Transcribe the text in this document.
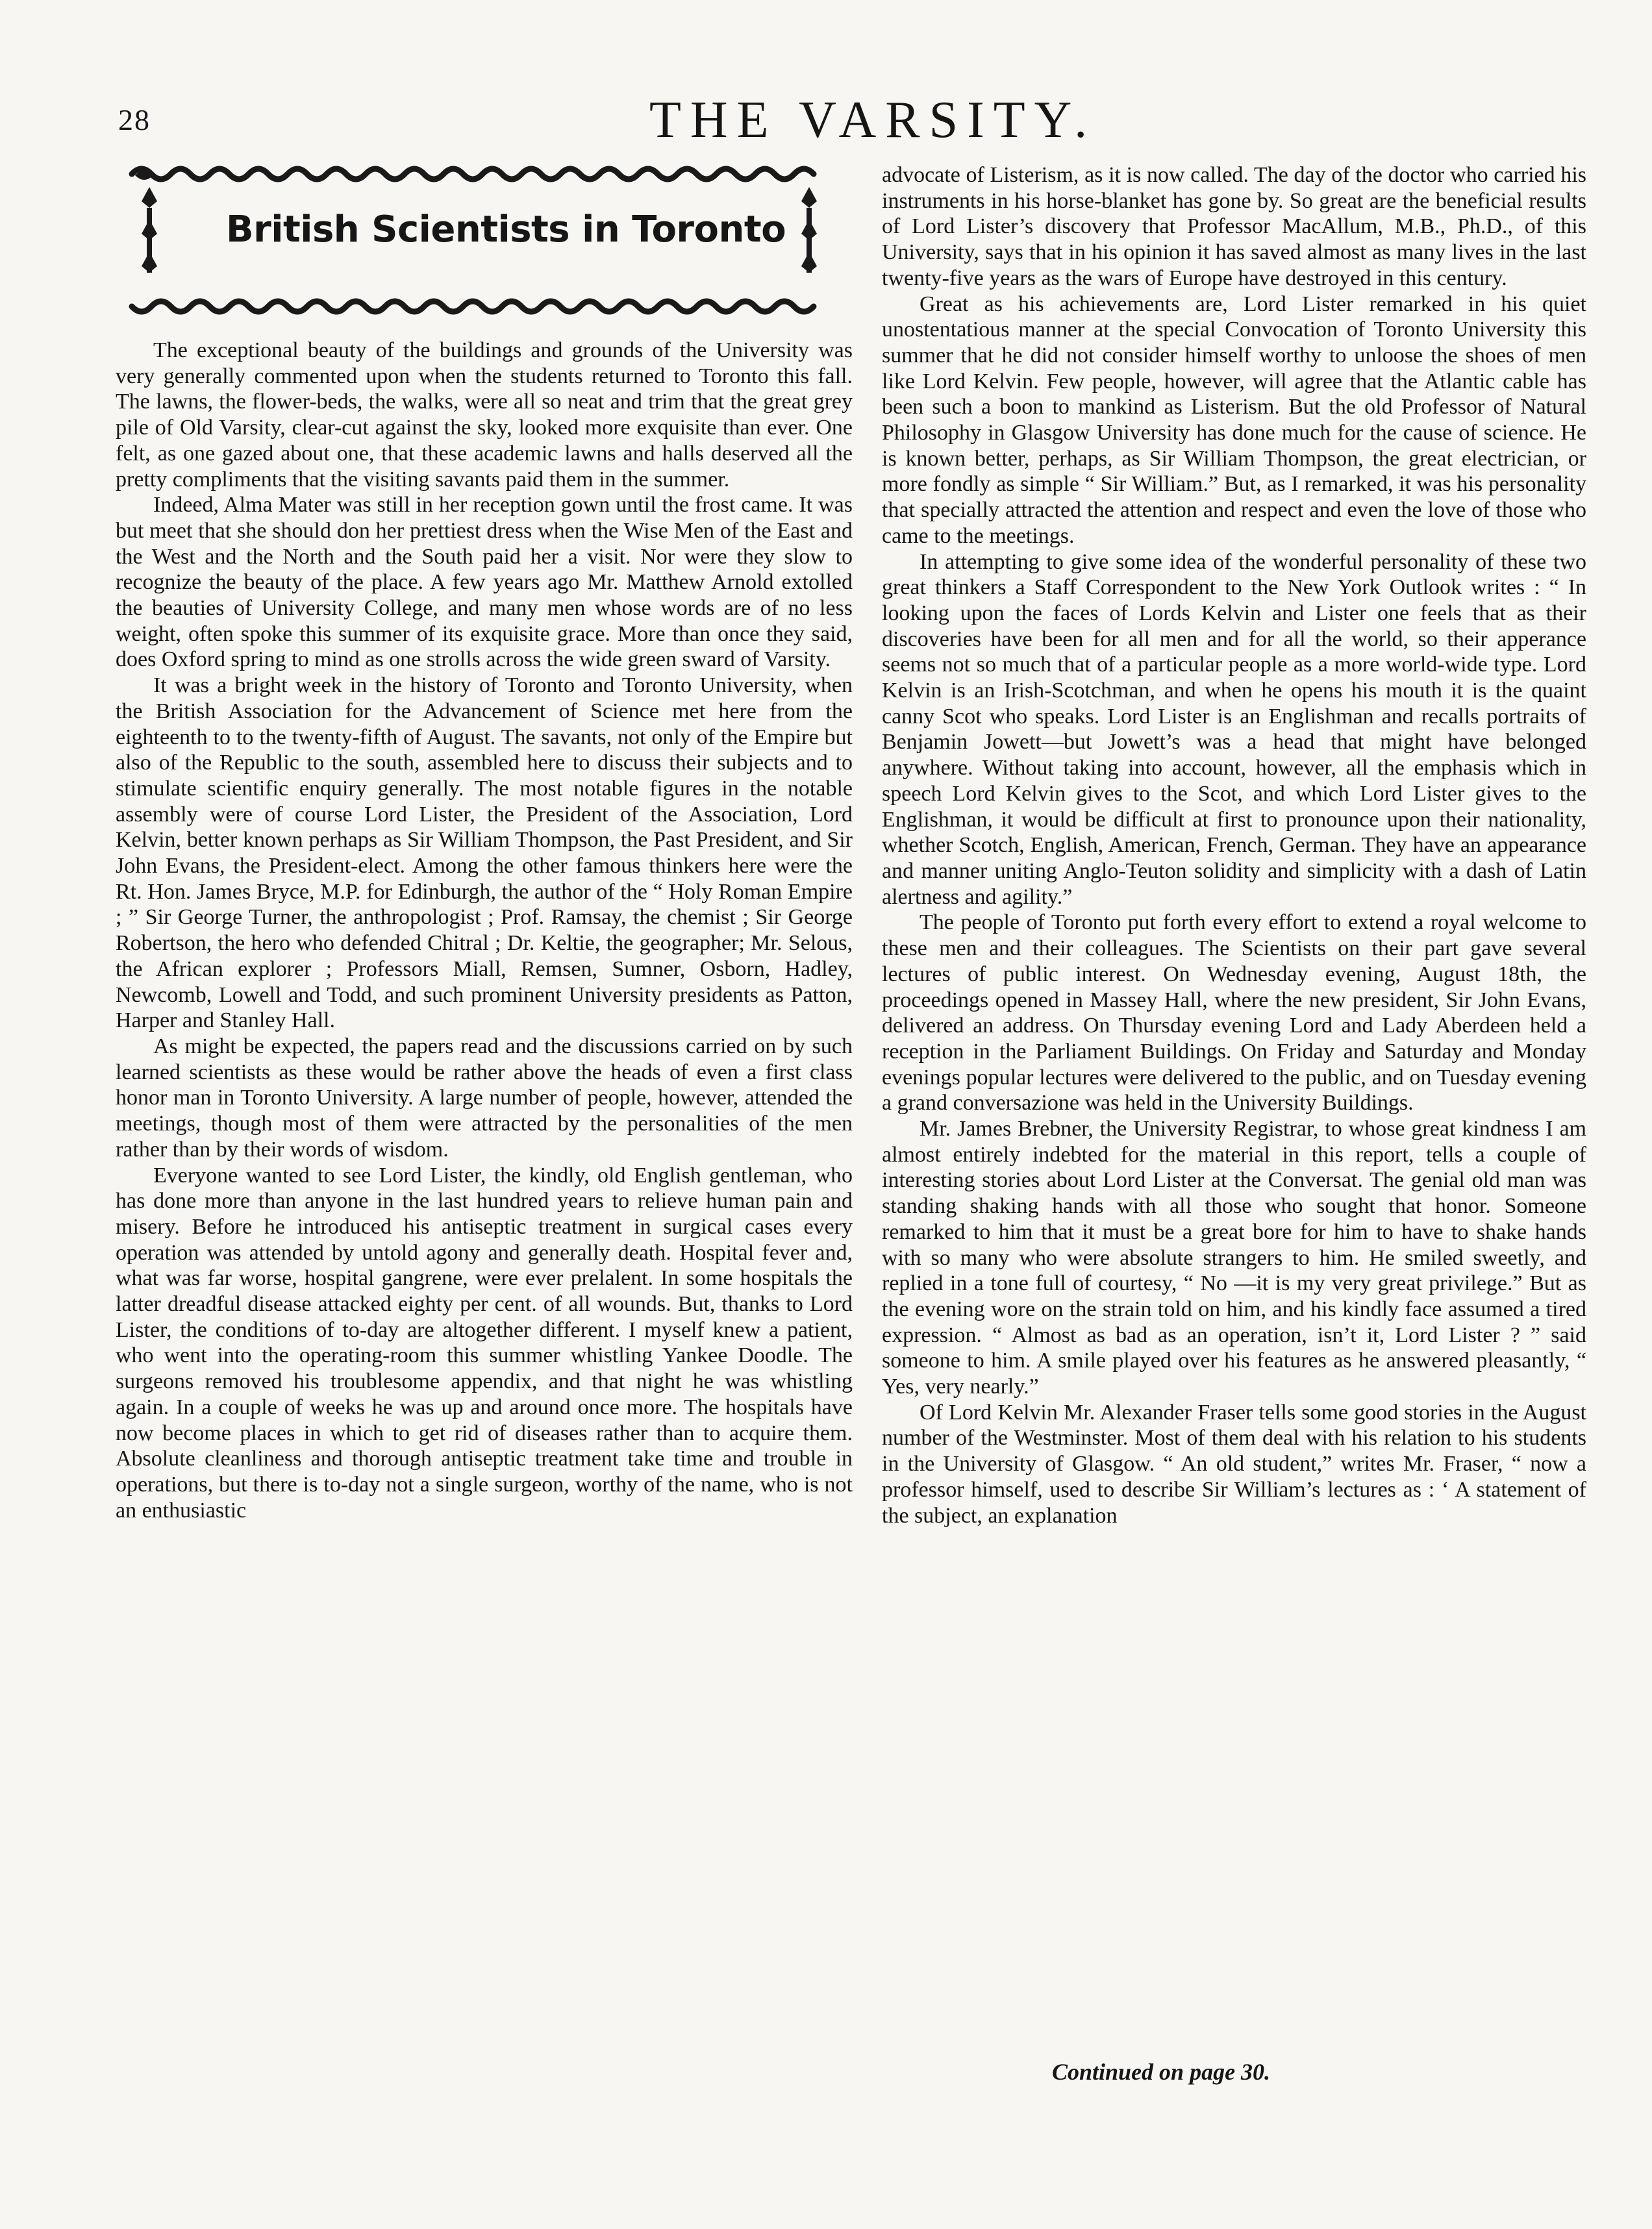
28	THE VARSITY.
British Scientists in Toronto

The exceptional beauty of the buildings and grounds of the University was very generally commented upon when the students returned to Toronto this fall. The lawns, the flower-beds, the walks, were all so neat and trim that the great grey pile of Old Varsity, clear-cut against the sky, looked more exquisite than ever. One felt, as one gazed about one, that these academic lawns and halls deserved all the pretty compliments that the visiting savants paid them in the summer.

Indeed, Alma Mater was still in her reception gown until the frost came. It was but meet that she should don her prettiest dress when the Wise Men of the East and the West and the North and the South paid her a visit. Nor were they slow to recognize the beauty of the place. A few years ago Mr. Matthew Arnold extolled the beauties of University College, and many men whose words are of no less weight, often spoke this summer of its exquisite grace. More than once they said, does Oxford spring to mind as one strolls across the wide green sward of Varsity.

It was a bright week in the history of Toronto and Toronto University, when the British Association for the Advancement of Science met here from the eighteenth to to the twenty-fifth of August. The savants, not only of the Empire but also of the Republic to the south, assembled here to discuss their subjects and to stimulate scientific enquiry generally. The most notable figures in the notable assembly were of course Lord Lister, the President of the Association, Lord Kelvin, better known perhaps as Sir William Thompson, the Past President, and Sir John Evans, the President-elect. Among the other famous thinkers here were the Rt. Hon. James Bryce, M.P. for Edinburgh, the author of the “ Holy Roman Empire ; ” Sir George Turner, the anthropologist ; Prof. Ramsay, the chemist ; Sir George Robertson, the hero who defended Chitral ; Dr. Keltie, the geographer; Mr. Selous, the African explorer ; Professors Miall, Remsen, Sumner, Osborn, Hadley, Newcomb, Lowell and Todd, and such prominent University presidents as Patton, Harper and Stanley Hall.

As might be expected, the papers read and the discussions carried on by such learned scientists as these would be rather above the heads of even a first class honor man in Toronto University. A large number of people, however, attended the meetings, though most of them were attracted by the personalities of the men rather than by their words of wisdom.

Everyone wanted to see Lord Lister, the kindly, old English gentleman, who has done more than anyone in the last hundred years to relieve human pain and misery. Before he introduced his antiseptic treatment in surgical cases every operation was attended by untold agony and generally death. Hospital fever and, what was far worse, hospital gangrene, were ever prelalent. In some hospitals the latter dreadful disease attacked eighty per cent. of all wounds. But, thanks to Lord Lister, the conditions of to-day are altogether different. I myself knew a patient, who went into the operating-room this summer whistling Yankee Doodle. The surgeons removed his troublesome appendix, and that night he was whistling again. In a couple of weeks he was up and around once more. The hospitals have now become places in which to get rid of diseases rather than to acquire them. Absolute cleanliness and thorough antiseptic treatment take time and trouble in operations, but there is to-day not a single surgeon, worthy of the name, who is not an enthusiastic

advocate of Listerism, as it is now called. The day of the doctor who carried his instruments in his horse-blanket has gone by. So great are the beneficial results of Lord Lister’s discovery that Professor MacAllum, M.B., Ph.D., of this University, says that in his opinion it has saved almost as many lives in the last twenty-five years as the wars of Europe have destroyed in this century.

Great as his achievements are, Lord Lister remarked in his quiet unostentatious manner at the special Convocation of Toronto University this summer that he did not consider himself worthy to unloose the shoes of men like Lord Kelvin. Few people, however, will agree that the Atlantic cable has been such a boon to mankind as Listerism. But the old Professor of Natural Philosophy in Glasgow University has done much for the cause of science. He is known better, perhaps, as Sir William Thompson, the great electrician, or more fondly as simple “ Sir William.” But, as I remarked, it was his personality that specially attracted the attention and respect and even the love of those who came to the meetings.

In attempting to give some idea of the wonderful personality of these two great thinkers a Staff Correspondent to the New York Outlook writes : “ In looking upon the faces of Lords Kelvin and Lister one feels that as their discoveries have been for all men and for all the world, so their apperance seems not so much that of a particular people as a more world-wide type. Lord Kelvin is an Irish-Scotchman, and when he opens his mouth it is the quaint canny Scot who speaks. Lord Lister is an Englishman and recalls portraits of Benjamin Jowett—but Jowett’s was a head that might have belonged anywhere. Without taking into account, however, all the emphasis which in speech Lord Kelvin gives to the Scot, and which Lord Lister gives to the Englishman, it would be difficult at first to pronounce upon their nationality, whether Scotch, English, American, French, German. They have an appearance and manner uniting Anglo-Teuton solidity and simplicity with a dash of Latin alertness and agility.”

The people of Toronto put forth every effort to extend a royal welcome to these men and their colleagues. The Scientists on their part gave several lectures of public interest. On Wednesday evening, August 18th, the proceedings opened in Massey Hall, where the new president, Sir John Evans, delivered an address. On Thursday evening Lord and Lady Aberdeen held a reception in the Parliament Buildings. On Friday and Saturday and Monday evenings popular lectures were delivered to the public, and on Tuesday evening a grand conversazione was held in the University Buildings.

Mr. James Brebner, the University Registrar, to whose great kindness I am almost entirely indebted for the material in this report, tells a couple of interesting stories about Lord Lister at the Conversat. The genial old man was standing shaking hands with all those who sought that honor. Someone remarked to him that it must be a great bore for him to have to shake hands with so many who were absolute strangers to him. He smiled sweetly, and replied in a tone full of courtesy, “ No —it is my very great privilege.” But as the evening wore on the strain told on him, and his kindly face assumed a tired expression. “ Almost as bad as an operation, isn’t it, Lord Lister ? ” said someone to him. A smile played over his features as he answered pleasantly, “ Yes, very nearly.”

Of Lord Kelvin Mr. Alexander Fraser tells some good stories in the August number of the Westminster. Most of them deal with his relation to his students in the University of Glasgow. “ An old student,” writes Mr. Fraser, “ now a professor himself, used to describe Sir William’s lectures as : ‘ A statement of the subject, an explanation

Continued on page 30.
